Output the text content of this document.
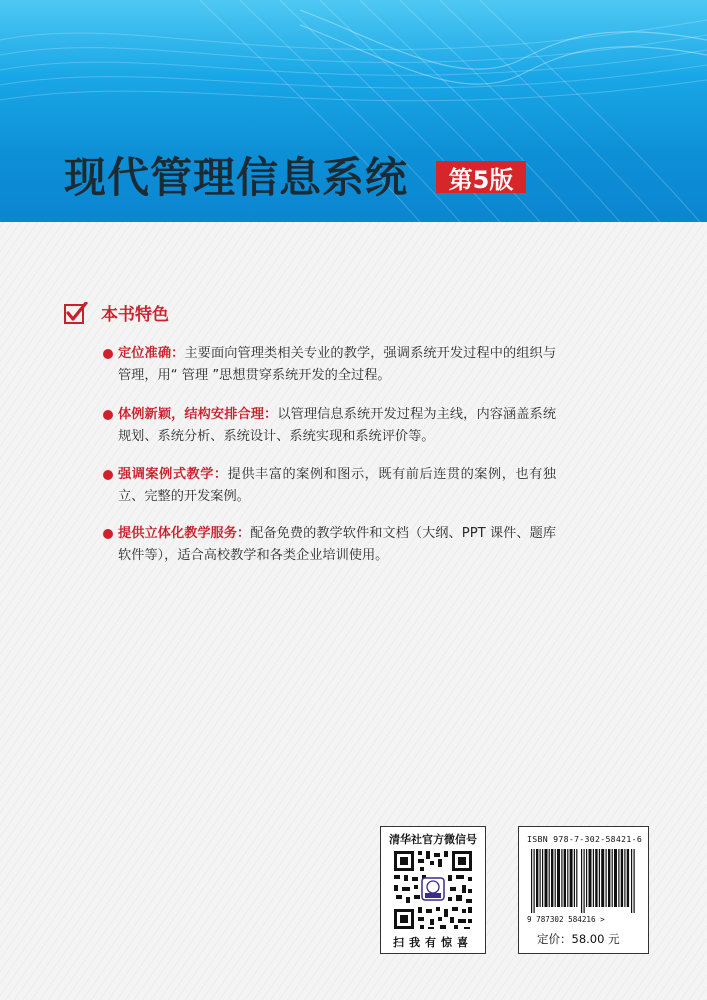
现代管理信息系统	第5版
本书特色
定位准确：主要面向管理类相关专业的教学，强调系统开发过程中的组织与管理，用“ 管理 ”思想贯穿系统开发的全过程。
体例新颖，结构安排合理：以管理信息系统开发过程为主线，内容涵盖系统规划、系统分析、系统设计、系统实现和系统评价等。
强调案例式教学：提供丰富的案例和图示，既有前后连贯的案例，也有独立、完整的开发案例。
提供立体化教学服务：配备免费的教学软件和文档（大纲、PPT 课件、题库软件等），适合高校教学和各类企业培训使用。
清华社官方微信号
扫我有惊喜
ISBN 978-7-302-58421-6
9 787302 584216 >
定价：58.00 元
